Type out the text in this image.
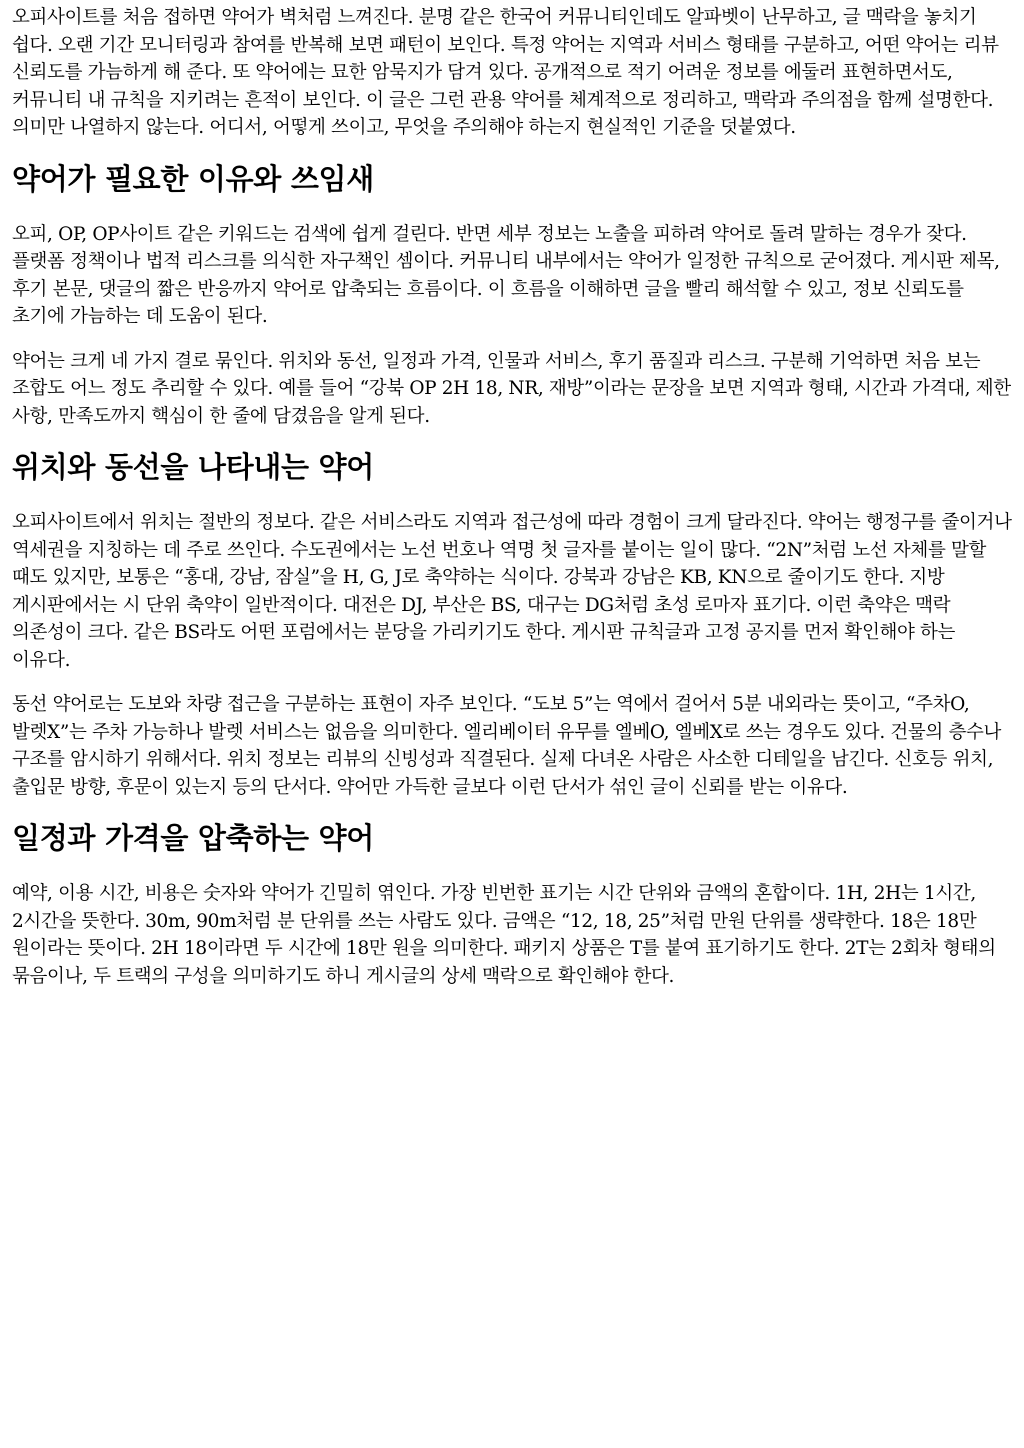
오피사이트를 처음 접하면 약어가 벽처럼 느껴진다. 분명 같은 한국어 커뮤니티인데도 알파벳이 난무하고, 글 맥락을 놓치기 쉽다. 오랜 기간 모니터링과 참여를 반복해 보면 패턴이 보인다. 특정 약어는 지역과 서비스 형태를 구분하고, 어떤 약어는 리뷰 신뢰도를 가늠하게 해 준다. 또 약어에는 묘한 암묵지가 담겨 있다. 공개적으로 적기 어려운 정보를 에둘러 표현하면서도, 커뮤니티 내 규칙을 지키려는 흔적이 보인다. 이 글은 그런 관용 약어를 체계적으로 정리하고, 맥락과 주의점을 함께 설명한다. 의미만 나열하지 않는다. 어디서, 어떻게 쓰이고, 무엇을 주의해야 하는지 현실적인 기준을 덧붙였다.

약어가 필요한 이유와 쓰임새

오피, OP, OP사이트 같은 키워드는 검색에 쉽게 걸린다. 반면 세부 정보는 노출을 피하려 약어로 돌려 말하는 경우가 잦다. 플랫폼 정책이나 법적 리스크를 의식한 자구책인 셈이다. 커뮤니티 내부에서는 약어가 일정한 규칙으로 굳어졌다. 게시판 제목, 후기 본문, 댓글의 짧은 반응까지 약어로 압축되는 흐름이다. 이 흐름을 이해하면 글을 빨리 해석할 수 있고, 정보 신뢰도를 초기에 가늠하는 데 도움이 된다.

약어는 크게 네 가지 결로 묶인다. 위치와 동선, 일정과 가격, 인물과 서비스, 후기 품질과 리스크. 구분해 기억하면 처음 보는 조합도 어느 정도 추리할 수 있다. 예를 들어 “강북 OP 2H 18, NR, 재방”이라는 문장을 보면 지역과 형태, 시간과 가격대, 제한 사항, 만족도까지 핵심이 한 줄에 담겼음을 알게 된다.

위치와 동선을 나타내는 약어

오피사이트에서 위치는 절반의 정보다. 같은 서비스라도 지역과 접근성에 따라 경험이 크게 달라진다. 약어는 행정구를 줄이거나 역세권을 지칭하는 데 주로 쓰인다. 수도권에서는 노선 번호나 역명 첫 글자를 붙이는 일이 많다. “2N”처럼 노선 자체를 말할 때도 있지만, 보통은 “홍대, 강남, 잠실”을 H, G, J로 축약하는 식이다. 강북과 강남은 KB, KN으로 줄이기도 한다. 지방 게시판에서는 시 단위 축약이 일반적이다. 대전은 DJ, 부산은 BS, 대구는 DG처럼 초성 로마자 표기다. 이런 축약은 맥락 의존성이 크다. 같은 BS라도 어떤 포럼에서는 분당을 가리키기도 한다. 게시판 규칙글과 고정 공지를 먼저 확인해야 하는 이유다.

동선 약어로는 도보와 차량 접근을 구분하는 표현이 자주 보인다. “도보 5”는 역에서 걸어서 5분 내외라는 뜻이고, “주차O, 발렛X”는 주차 가능하나 발렛 서비스는 없음을 의미한다. 엘리베이터 유무를 엘베O, 엘베X로 쓰는 경우도 있다. 건물의 층수나 구조를 암시하기 위해서다. 위치 정보는 리뷰의 신빙성과 직결된다. 실제 다녀온 사람은 사소한 디테일을 남긴다. 신호등 위치, 출입문 방향, 후문이 있는지 등의 단서다. 약어만 가득한 글보다 이런 단서가 섞인 글이 신뢰를 받는 이유다.

일정과 가격을 압축하는 약어

예약, 이용 시간, 비용은 숫자와 약어가 긴밀히 엮인다. 가장 빈번한 표기는 시간 단위와 금액의 혼합이다. 1H, 2H는 1시간, 2시간을 뜻한다. 30m, 90m처럼 분 단위를 쓰는 사람도 있다. 금액은 “12, 18, 25”처럼 만원 단위를 생략한다. 18은 18만 원이라는 뜻이다. 2H 18이라면 두 시간에 18만 원을 의미한다. 패키지 상품은 T를 붙여 표기하기도 한다. 2T는 2회차 형태의 묶음이나, 두 트랙의 구성을 의미하기도 하니 게시글의 상세 맥락으로 확인해야 한다.
